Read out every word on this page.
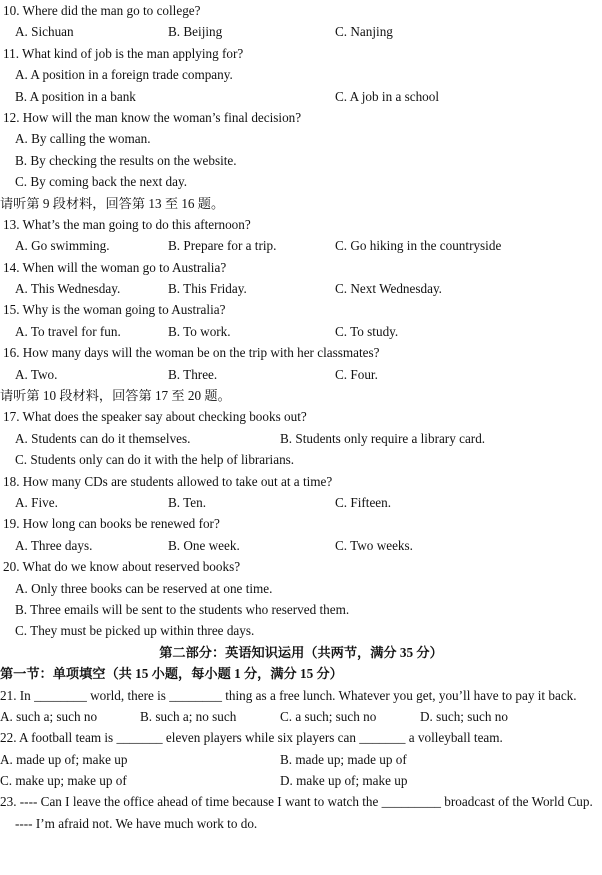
10. Where did the man go to college?
A. Sichuan	B. Beijing	C. Nanjing
11. What kind of job is the man applying for?
A. A position in a foreign trade company.
B. A position in a bank	C. A job in a school
12. How will the man know the woman’s final decision?
A. By calling the woman.
B. By checking the results on the website.
C. By coming back the next day.
请听第 9 段材料，回答第 13 至 16 题。
13. What’s the man going to do this afternoon?
A. Go swimming.	B. Prepare for a trip.	C. Go hiking in the countryside
14. When will the woman go to Australia?
A. This Wednesday.	B. This Friday.	C. Next Wednesday.
15. Why is the woman going to Australia?
A. To travel for fun.	B. To work.	C. To study.
16. How many days will the woman be on the trip with her classmates?
A. Two.	B. Three.	C. Four.
请听第 10 段材料，回答第 17 至 20 题。
17. What does the speaker say about checking books out?
A. Students can do it themselves.	B. Students only require a library card.
C. Students only can do it with the help of librarians.
18. How many CDs are students allowed to take out at a time?
A. Five.	B. Ten.	C. Fifteen.
19. How long can books be renewed for?
A. Three days.	B. One week.	C. Two weeks.
20. What do we know about reserved books?
A. Only three books can be reserved at one time.
B. Three emails will be sent to the students who reserved them.
C. They must be picked up within three days.
第二部分：英语知识运用（共两节，满分 35 分）
第一节：单项填空（共 15 小题，每小题 1 分，满分 15 分）
21. In ________ world, there is ________ thing as a free lunch. Whatever you get, you’ll have to pay it back.
A. such a; such no	B. such a; no such	C. a such; such no	D. such; such no
22. A football team is _______ eleven players while six players can _______ a volleyball team.
A. made up of; make up	B. made up; made up of
C. make up; make up of	D. make up of; make up
23. ---- Can I leave the office ahead of time because I want to watch the _________ broadcast of the World Cup.
---- I’m afraid not. We have much work to do.
